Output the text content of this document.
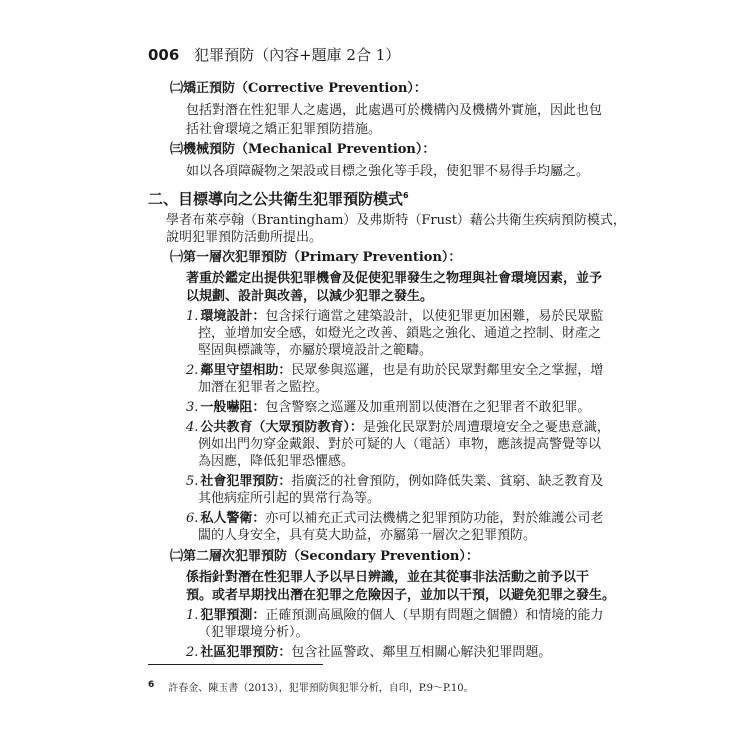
006 犯罪預防（內容+題庫 2合 1）
㈡矯正預防（Corrective Prevention）：
包括對潛在性犯罪人之處遇，此處遇可於機構內及機構外實施，因此也包
括社會環境之矯正犯罪預防措施。
㈢機械預防（Mechanical Prevention）：
如以各項障礙物之架設或目標之強化等手段，使犯罪不易得手均屬之。
二、目標導向之公共衛生犯罪預防模式$^6$
學者布萊亭翰（Brantingham）及弗斯特（Frust）藉公共衛生疾病預防模式，
說明犯罪預防活動所提出。
㈠第一層次犯罪預防（Primary Prevention）：
著重於鑑定出提供犯罪機會及促使犯罪發生之物理與社會環境因素，並予
以規劃、設計與改善，以減少犯罪之發生。
1. 環境設計：包含採行適當之建築設計，以使犯罪更加困難，易於民眾監
控，並增加安全感，如燈光之改善、鎖匙之強化、通道之控制、財產之
堅固與標識等，亦屬於環境設計之範疇。
2. 鄰里守望相助：民眾參與巡邏，也是有助於民眾對鄰里安全之掌握，增
加潛在犯罪者之監控。
3. 一般嚇阻：包含警察之巡邏及加重刑罰以使潛在之犯罪者不敢犯罪。
4. 公共教育（大眾預防教育）：是強化民眾對於周遭環境安全之憂患意識，
例如出門勿穿金戴銀、對於可疑的人（電話）車物，應該提高警覺等以
為因應，降低犯罪恐懼感。
5. 社會犯罪預防：指廣泛的社會預防，例如降低失業、貧窮、缺乏教育及
其他病症所引起的異常行為等。
6. 私人警衛：亦可以補充正式司法機構之犯罪預防功能，對於維護公司老
闆的人身安全，具有莫大助益，亦屬第一層次之犯罪預防。
㈡第二層次犯罪預防（Secondary Prevention）：
係指針對潛在性犯罪人予以早日辨識，並在其從事非法活動之前予以干
預。或者早期找出潛在犯罪之危險因子，並加以干預，以避免犯罪之發生。
1. 犯罪預測：正確預測高風險的個人（早期有問題之個體）和情境的能力
（犯罪環境分析）。
2. 社區犯罪預防：包含社區警政、鄰里互相關心解決犯罪問題。
6 許春金、陳玉書（2013），犯罪預防與犯罪分析，自印，P.9～P.10。
